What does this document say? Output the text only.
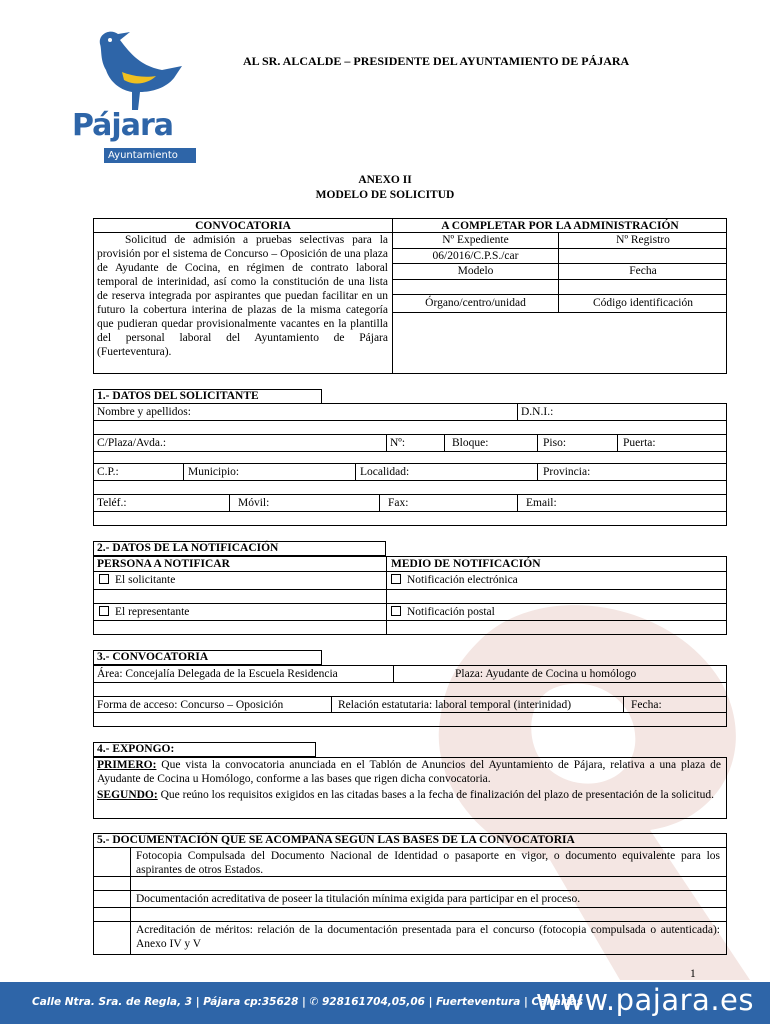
Pájara
Ayuntamiento
AL SR. ALCALDE – PRESIDENTE DEL AYUNTAMIENTO DE PÁJARA
ANEXO II
MODELO DE SOLICITUD
CONVOCATORIA
Solicitud de admisión a pruebas selectivas para la provisión por el sistema de Concurso – Oposición de una plaza de Ayudante de Cocina, en régimen de contrato laboral temporal de interinidad, así como la constitución de una lista de reserva integrada por aspirantes que puedan facilitar en un futuro la cobertura interina de plazas de la misma categoría que pudieran quedar provisionalmente vacantes en la plantilla del personal laboral del Ayuntamiento de Pájara (Fuerteventura).
A COMPLETAR POR LA ADMINISTRACIÓN
Nº Expediente	Nº Registro
06/2016/C.P.S./car
Modelo	Fecha
Órgano/centro/unidad	Código identificación
1.- DATOS DEL SOLICITANTE
Nombre y apellidos:	D.N.I.:
C/Plaza/Avda.:	Nº:	Bloque:	Piso:	Puerta:
C.P.:	Municipio:	Localidad:	Provincia:
Teléf.:	Móvil:	Fax:	Email:
2.- DATOS DE LA NOTIFICACIÓN
PERSONA A NOTIFICAR	MEDIO DE NOTIFICACIÓN
El solicitante	Notificación electrónica
El representante	Notificación postal
3.- CONVOCATORIA
Área: Concejalía Delegada de la Escuela Residencia	Plaza: Ayudante de Cocina u homólogo
Forma de acceso: Concurso – Oposición	Relación estatutaria: laboral temporal (interinidad)	Fecha:
4.- EXPONGO:
PRIMERO: Que vista la convocatoria anunciada en el Tablón de Anuncios del Ayuntamiento de Pájara, relativa a una plaza de Ayudante de Cocina u Homólogo, conforme a las bases que rigen dicha convocatoria.
SEGUNDO: Que reúno los requisitos exigidos en las citadas bases a la fecha de finalización del plazo de presentación de la solicitud.
5.- DOCUMENTACIÓN QUE SE ACOMPAÑA SEGÚN LAS BASES DE LA CONVOCATORIA
Fotocopia Compulsada del Documento Nacional de Identidad o pasaporte en vigor, o documento equivalente para los aspirantes de otros Estados.
Documentación acreditativa de poseer la titulación mínima exigida para participar en el proceso.
Acreditación de méritos: relación de la documentación presentada para el concurso (fotocopia compulsada o autenticada): Anexo IV y V
1
Calle Ntra. Sra. de Regla, 3 | Pájara cp:35628 | ✆ 928161704,05,06 | Fuerteventura | Canarias
www.pajara.es
